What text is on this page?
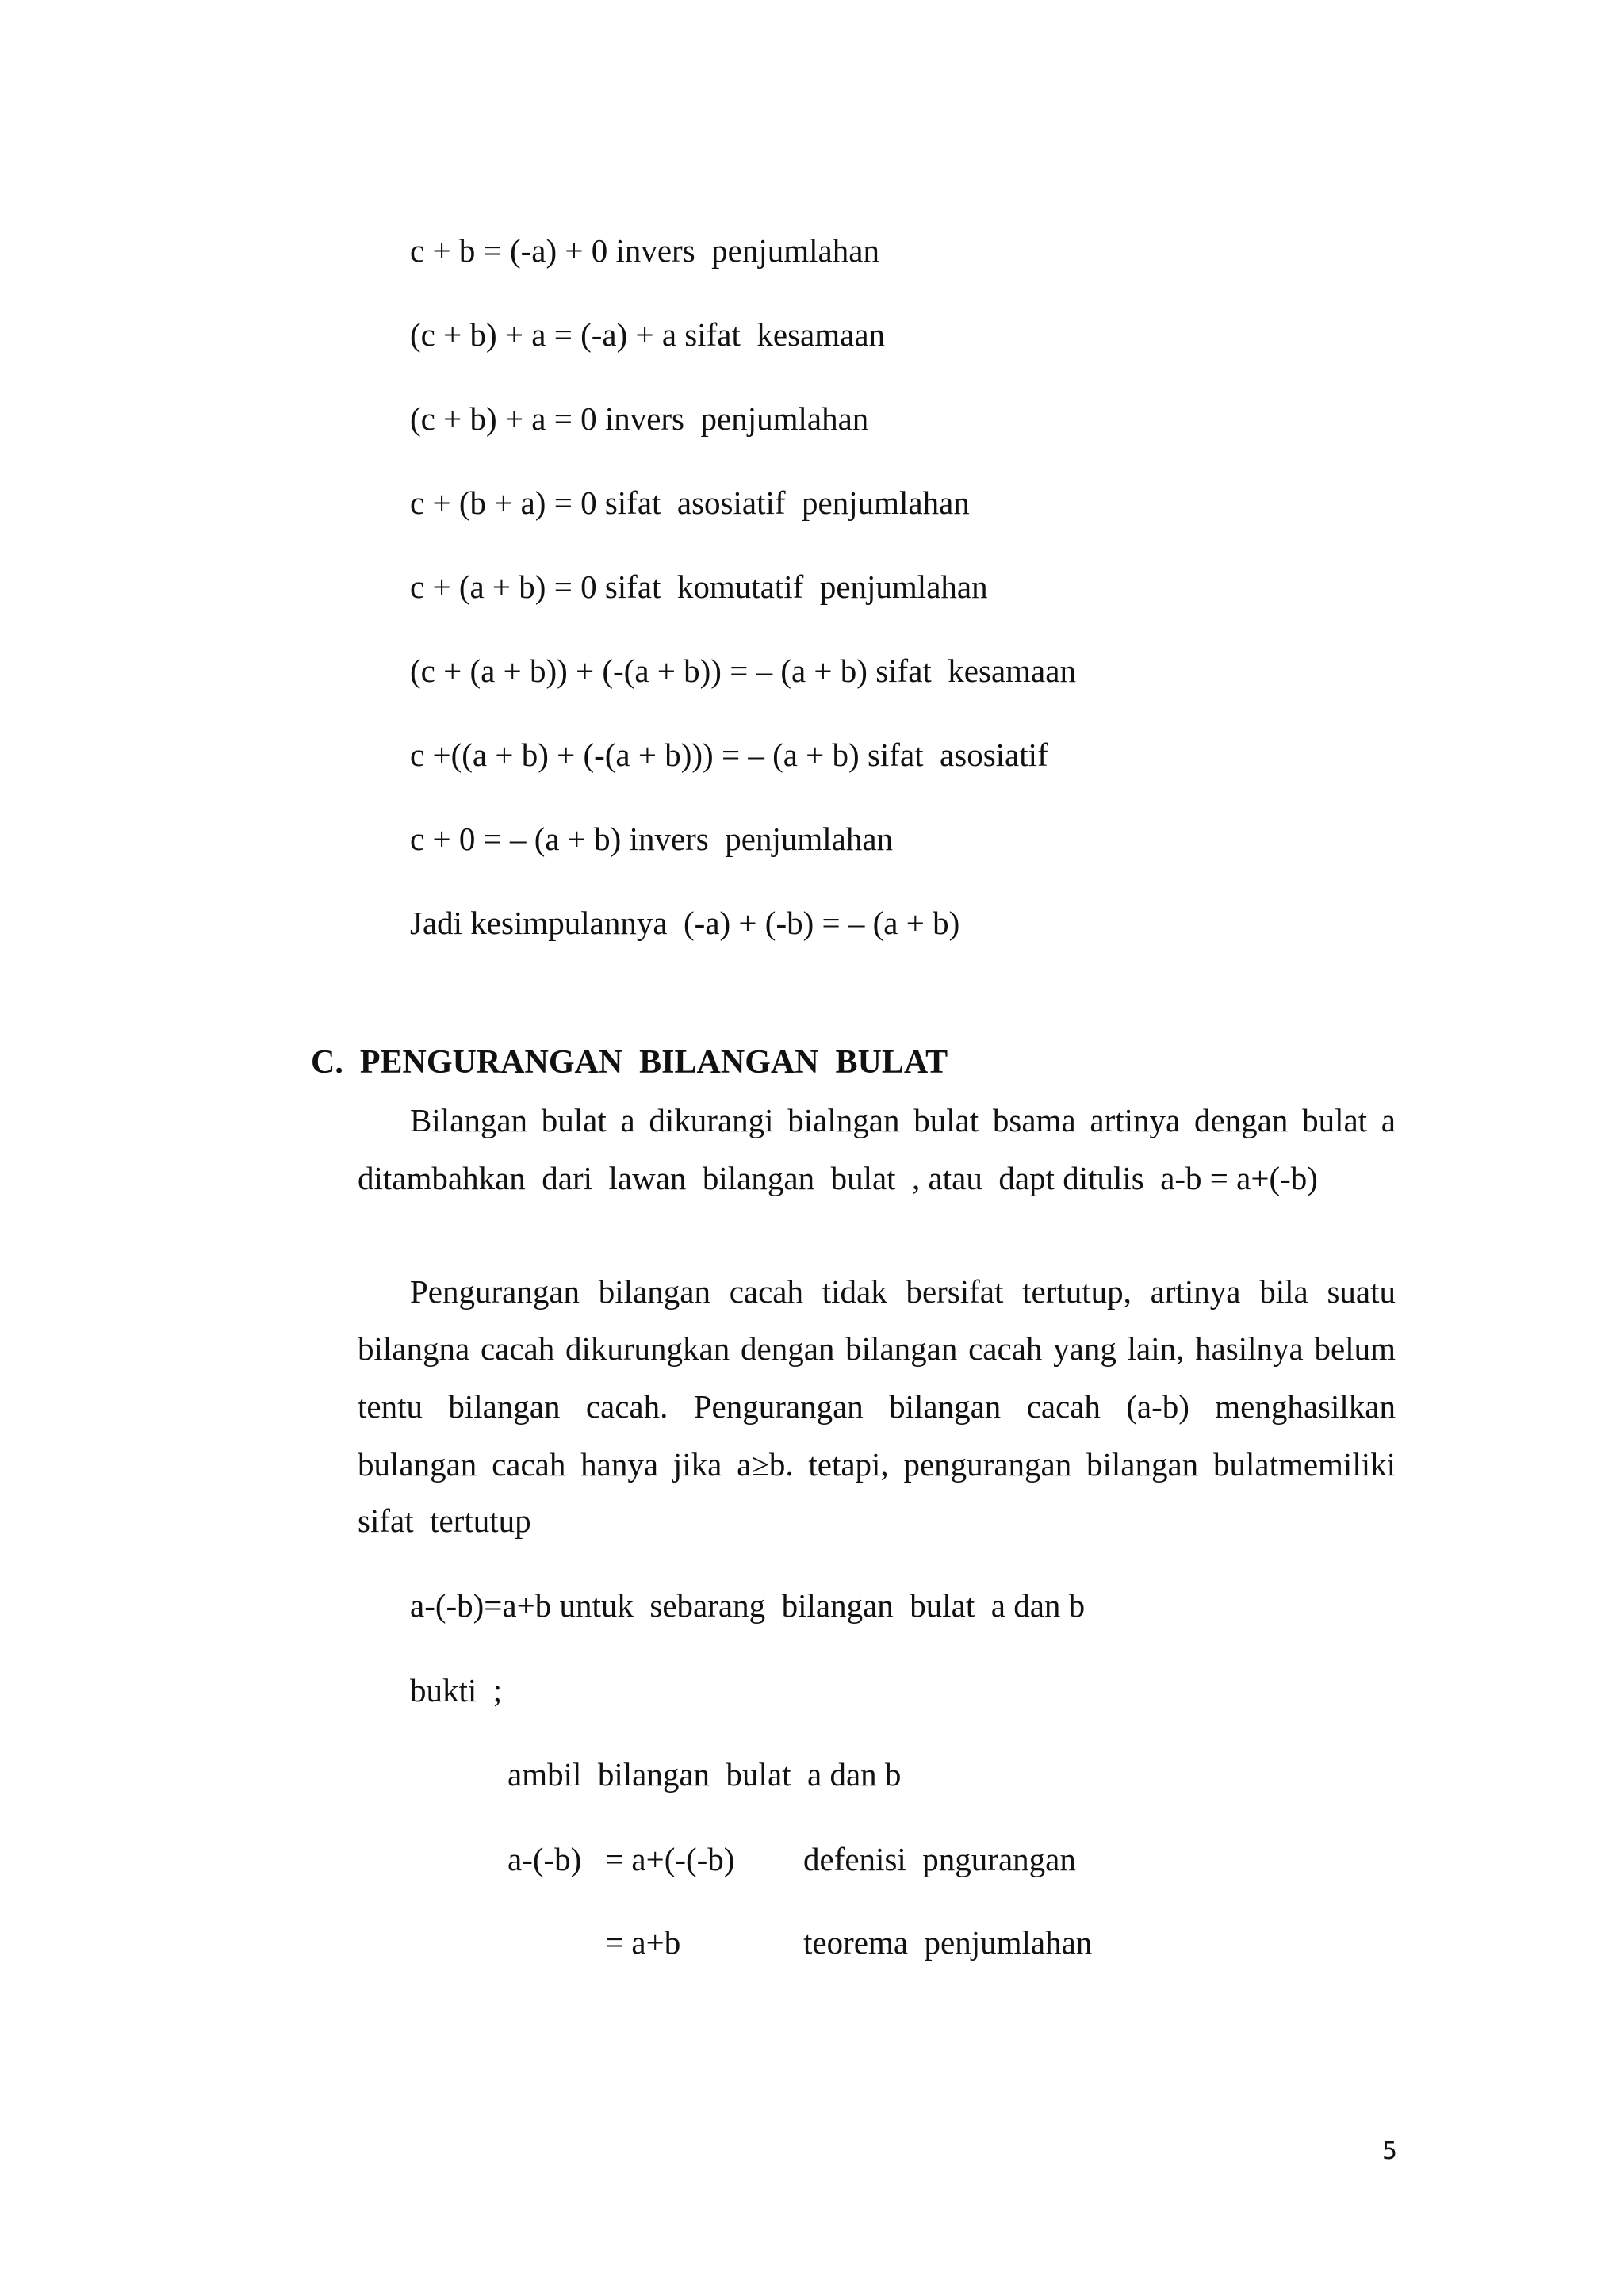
c + b = (-a) + 0 invers  penjumlahan
(c + b) + a = (-a) + a sifat  kesamaan
(c + b) + a = 0 invers  penjumlahan
c + (b + a) = 0 sifat  asosiatif  penjumlahan
c + (a + b) = 0 sifat  komutatif  penjumlahan
(c + (a + b)) + (-(a + b)) = – (a + b) sifat  kesamaan
c +((a + b) + (-(a + b))) = – (a + b) sifat  asosiatif
c + 0 = – (a + b) invers  penjumlahan
Jadi kesimpulannya  (-a) + (-b) = – (a + b)
C.  PENGURANGAN  BILANGAN  BULAT
Bilangan bulat a dikurangi bialngan bulat bsama artinya dengan bulat a
ditambahkan  dari  lawan  bilangan  bulat  , atau  dapt ditulis  a-b = a+(-b)
Pengurangan bilangan cacah tidak bersifat tertutup, artinya bila suatu
bilangna cacah dikurungkan dengan bilangan cacah yang lain, hasilnya belum
tentu bilangan cacah. Pengurangan bilangan cacah (a-b) menghasilkan
bulangan cacah hanya jika a≥b. tetapi, pengurangan bilangan bulatmemiliki
sifat  tertutup
a-(-b)=a+b untuk  sebarang  bilangan  bulat  a dan b
bukti  ;
ambil  bilangan  bulat  a dan b
a-(-b) = a+(-(-b) defenisi  pngurangan
= a+b	teorema  penjumlahan
5
